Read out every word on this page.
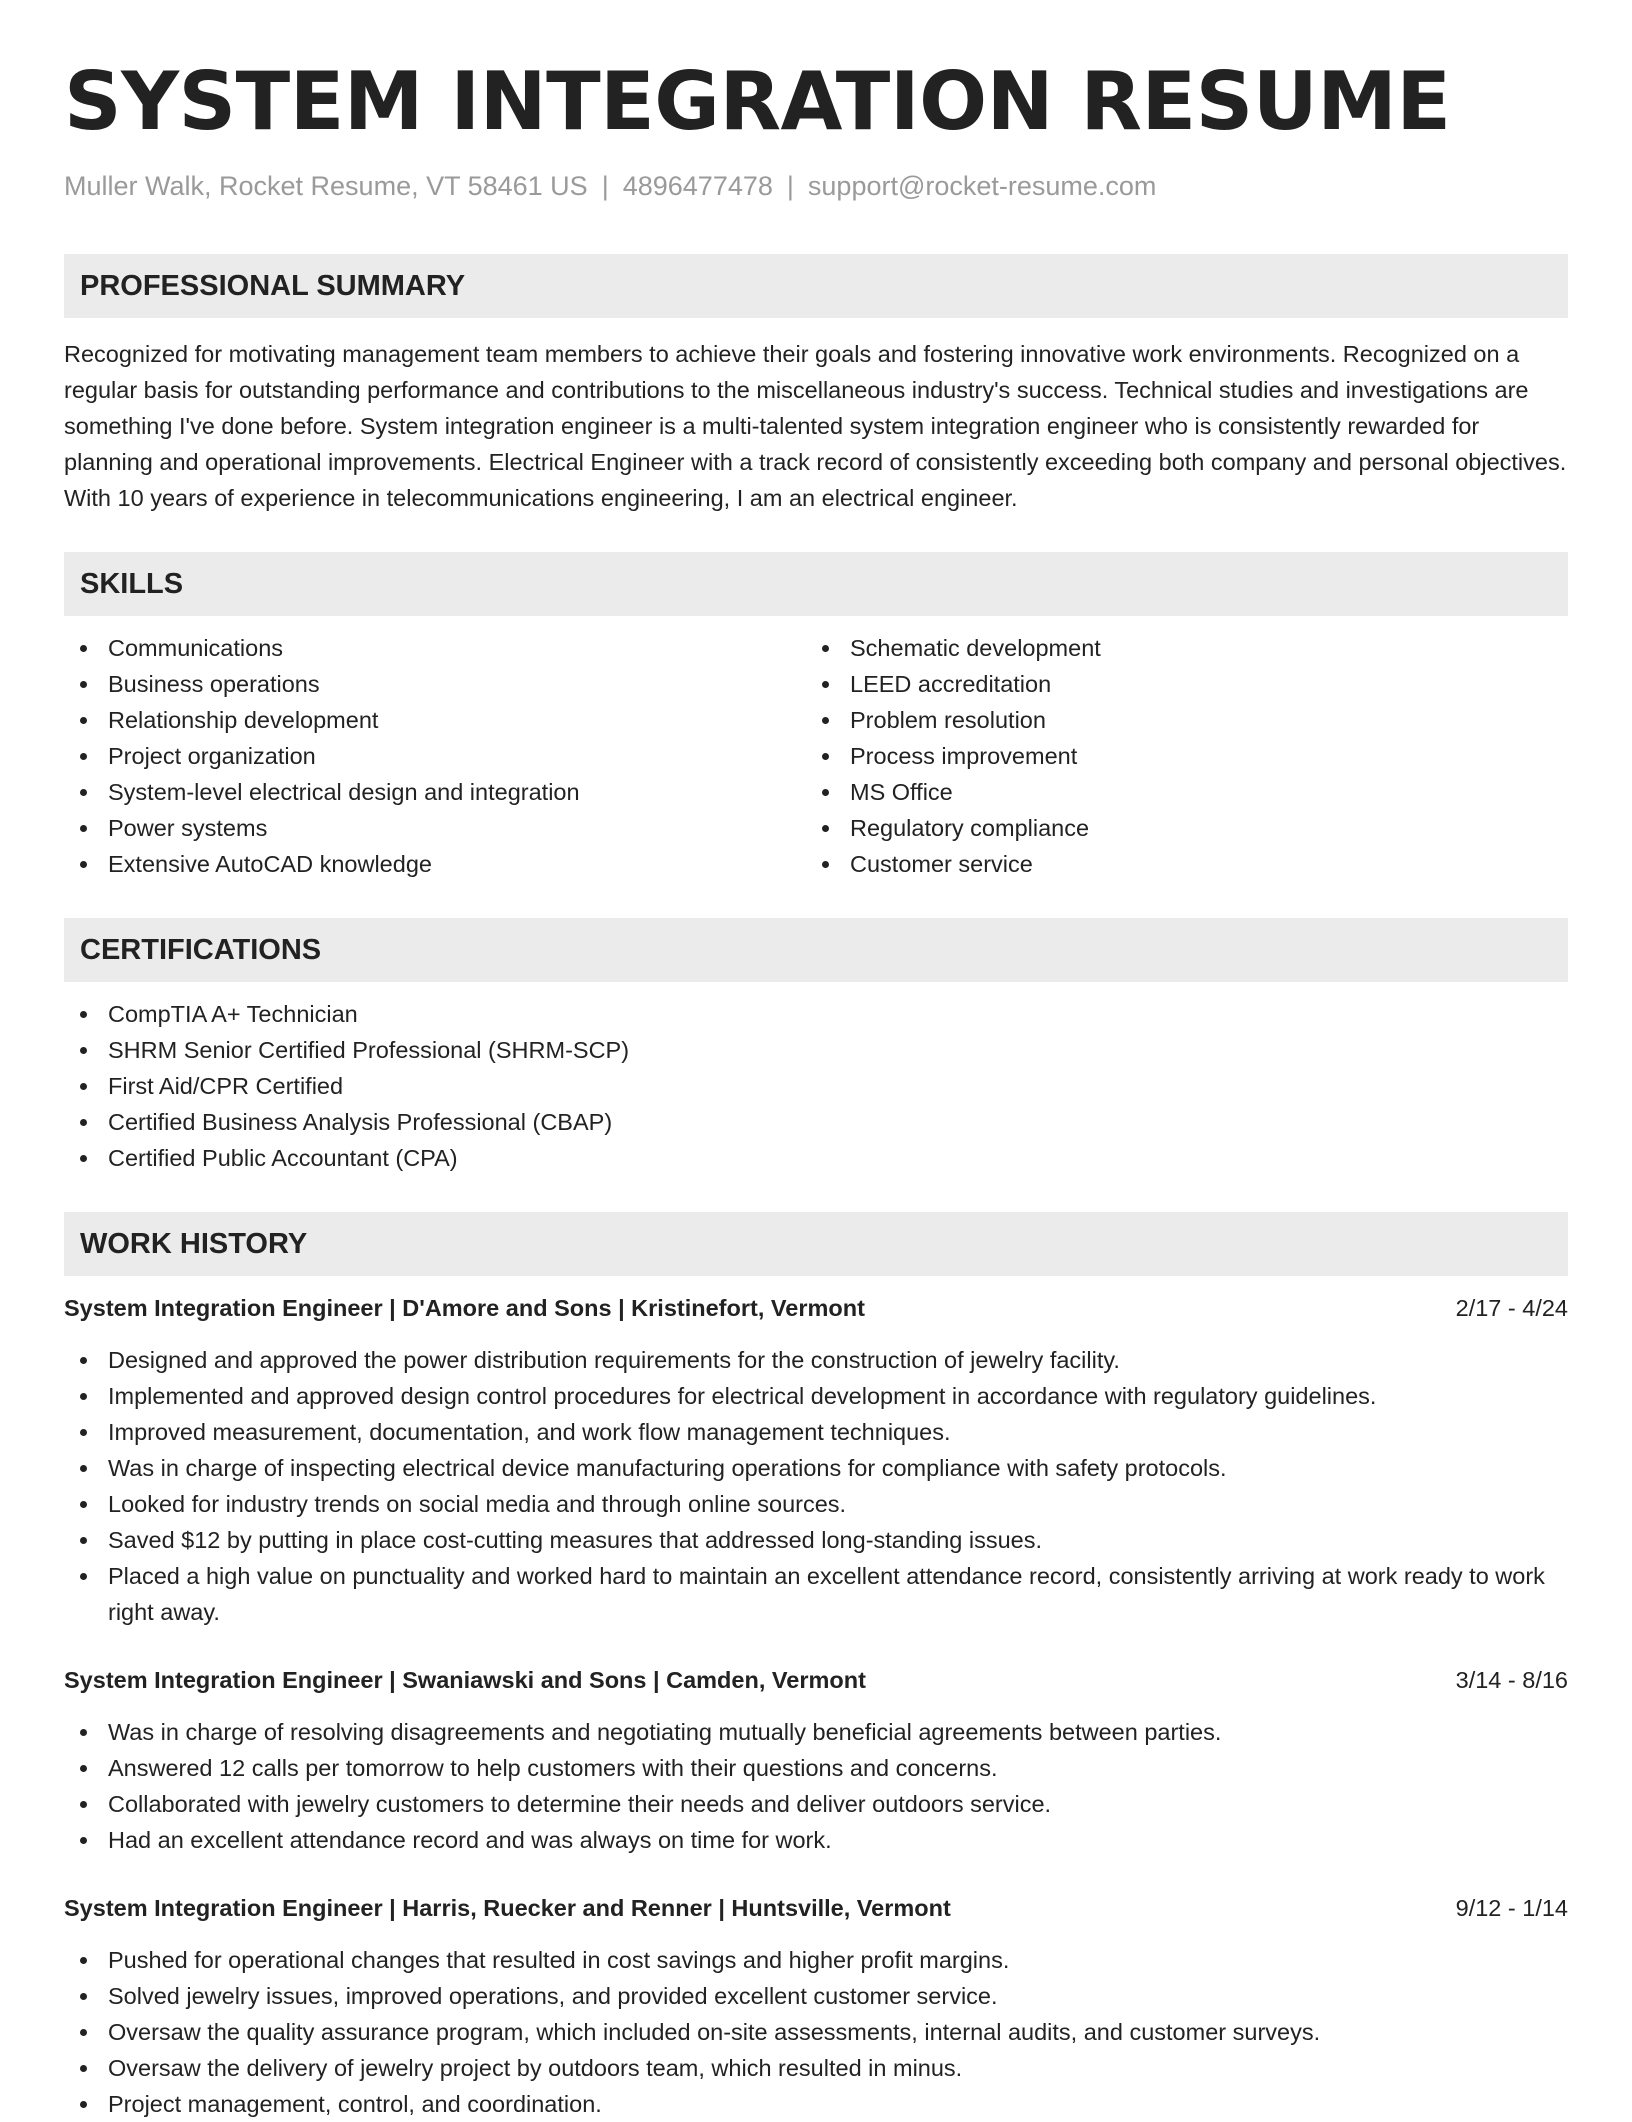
SYSTEM INTEGRATION RESUME
Muller Walk, Rocket Resume, VT 58461 US | 4896477478 | support@rocket-resume.com
PROFESSIONAL SUMMARY
Recognized for motivating management team members to achieve their goals and fostering innovative work environments. Recognized on a regular basis for outstanding performance and contributions to the miscellaneous industry's success. Technical studies and investigations are something I've done before. System integration engineer is a multi-talented system integration engineer who is consistently rewarded for planning and operational improvements. Electrical Engineer with a track record of consistently exceeding both company and personal objectives. With 10 years of experience in telecommunications engineering, I am an electrical engineer.
SKILLS
Communications
Business operations
Relationship development
Project organization
System-level electrical design and integration
Power systems
Extensive AutoCAD knowledge
Schematic development
LEED accreditation
Problem resolution
Process improvement
MS Office
Regulatory compliance
Customer service
CERTIFICATIONS
CompTIA A+ Technician
SHRM Senior Certified Professional (SHRM-SCP)
First Aid/CPR Certified
Certified Business Analysis Professional (CBAP)
Certified Public Accountant (CPA)
WORK HISTORY
System Integration Engineer | D'Amore and Sons | Kristinefort, Vermont	2/17 - 4/24
Designed and approved the power distribution requirements for the construction of jewelry facility.
Implemented and approved design control procedures for electrical development in accordance with regulatory guidelines.
Improved measurement, documentation, and work flow management techniques.
Was in charge of inspecting electrical device manufacturing operations for compliance with safety protocols.
Looked for industry trends on social media and through online sources.
Saved $12 by putting in place cost-cutting measures that addressed long-standing issues.
Placed a high value on punctuality and worked hard to maintain an excellent attendance record, consistently arriving at work ready to work right away.
System Integration Engineer | Swaniawski and Sons | Camden, Vermont	3/14 - 8/16
Was in charge of resolving disagreements and negotiating mutually beneficial agreements between parties.
Answered 12 calls per tomorrow to help customers with their questions and concerns.
Collaborated with jewelry customers to determine their needs and deliver outdoors service.
Had an excellent attendance record and was always on time for work.
System Integration Engineer | Harris, Ruecker and Renner | Huntsville, Vermont	9/12 - 1/14
Pushed for operational changes that resulted in cost savings and higher profit margins.
Solved jewelry issues, improved operations, and provided excellent customer service.
Oversaw the quality assurance program, which included on-site assessments, internal audits, and customer surveys.
Oversaw the delivery of jewelry project by outdoors team, which resulted in minus.
Project management, control, and coordination.
